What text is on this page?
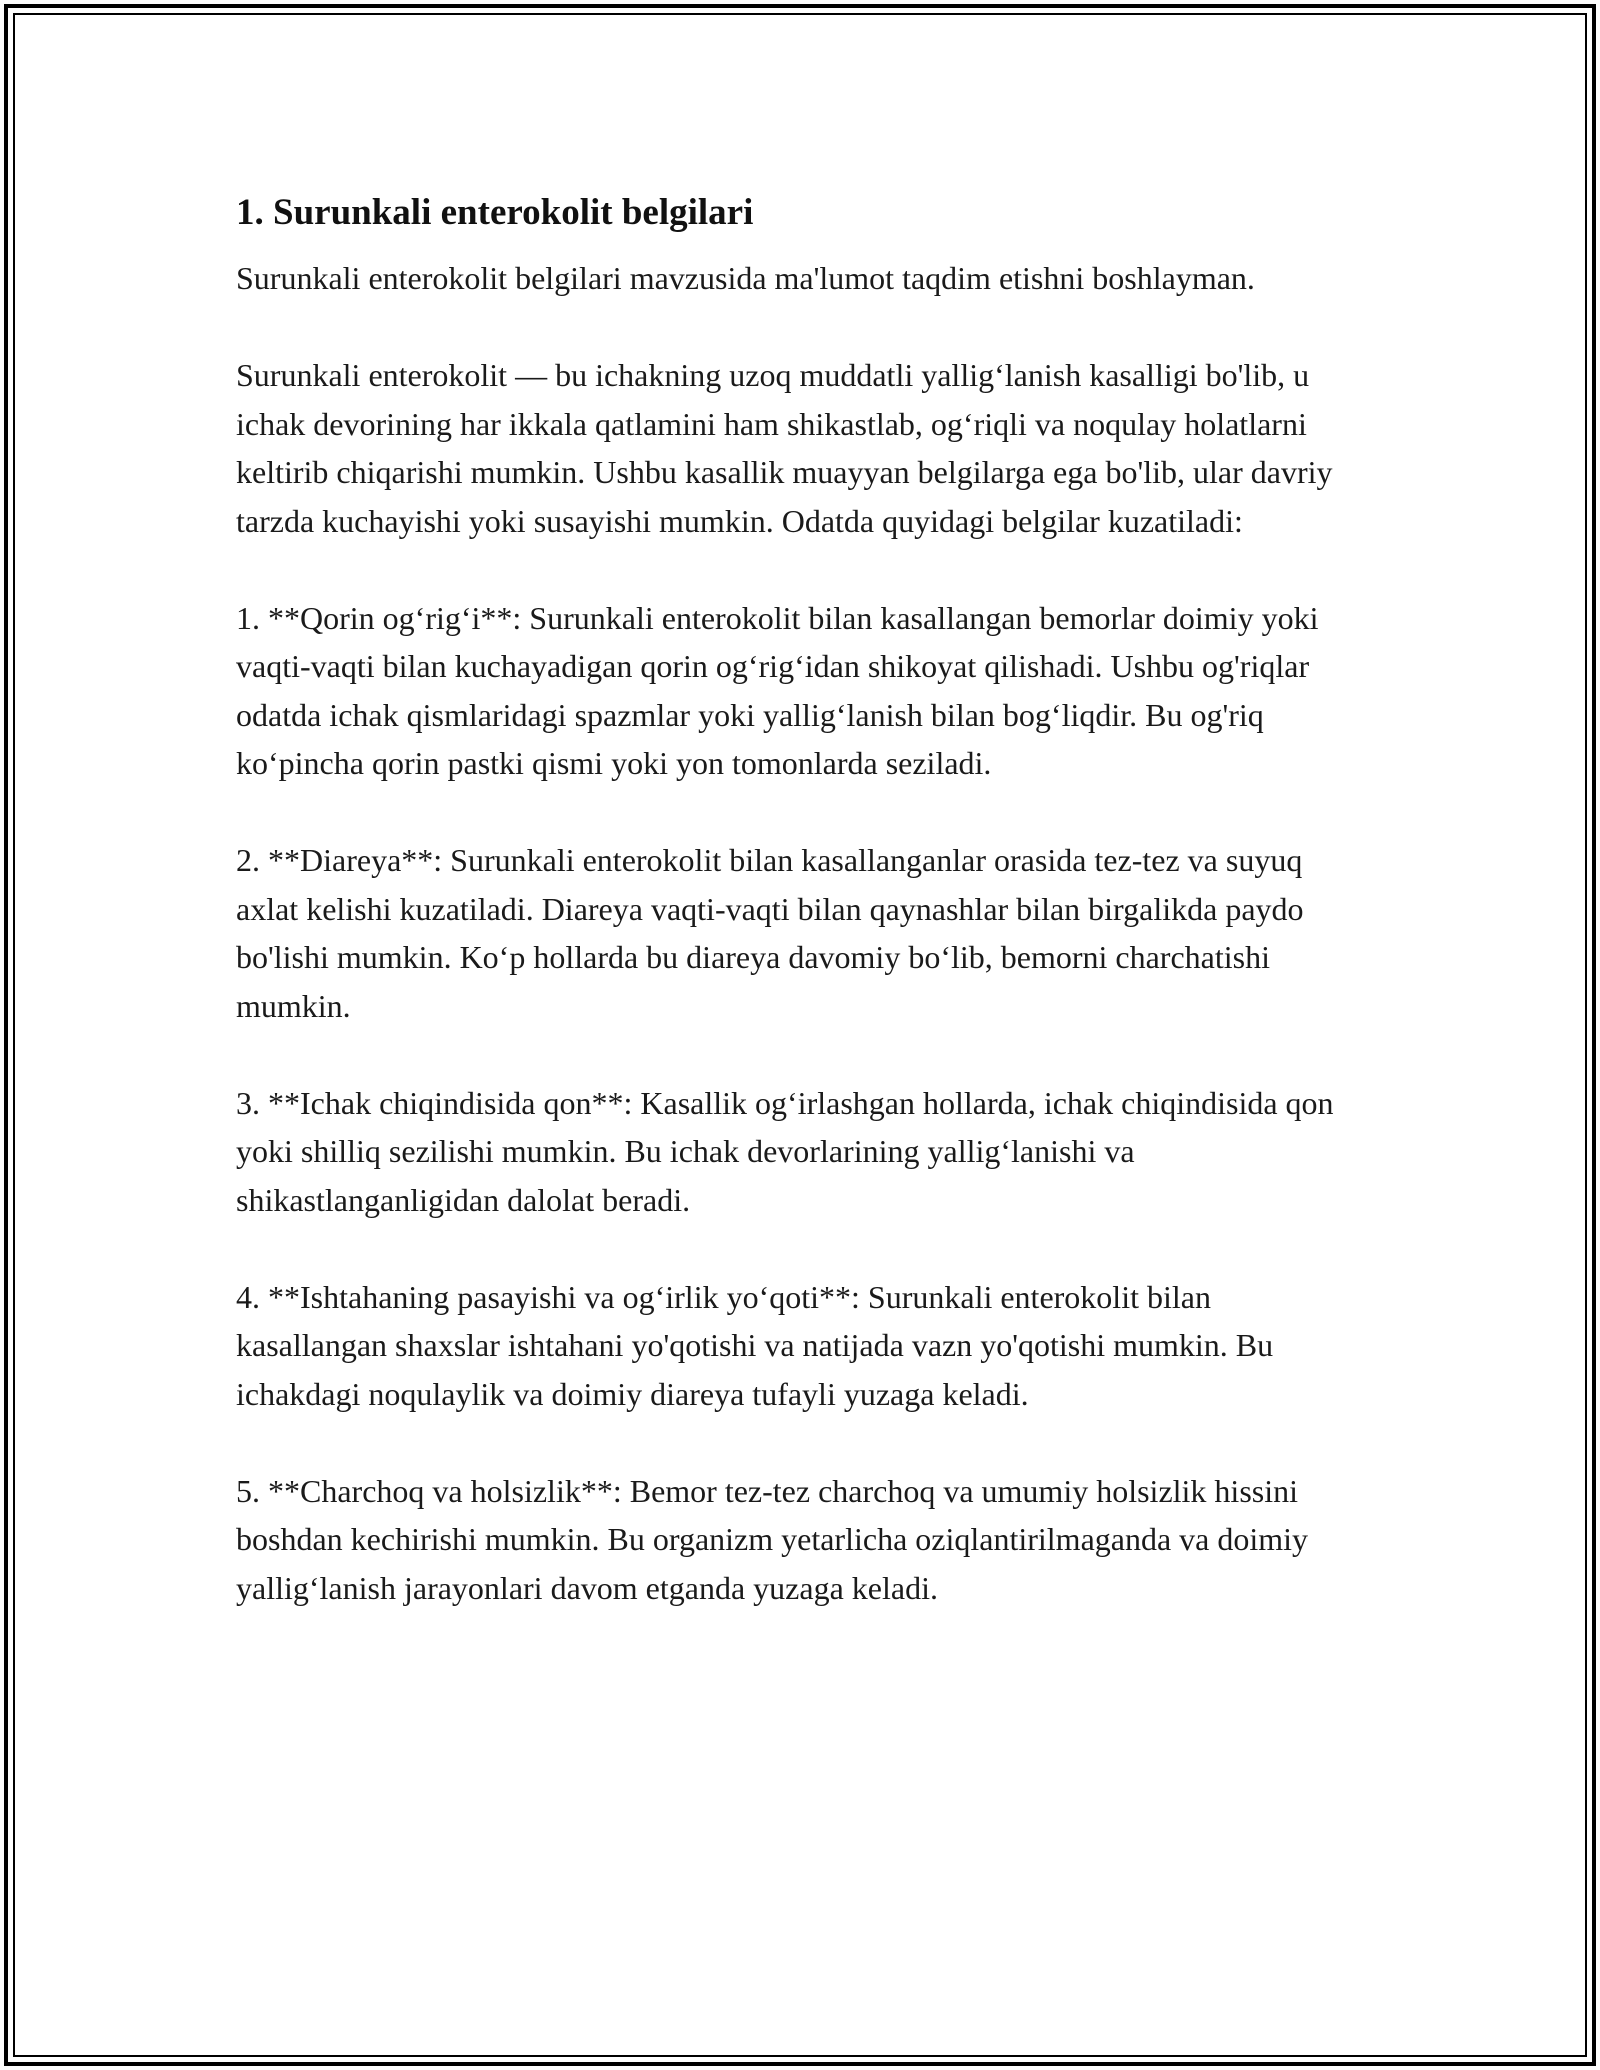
1. Surunkali enterokolit belgilari

Surunkali enterokolit belgilari mavzusida ma'lumot taqdim etishni boshlayman.

Surunkali enterokolit — bu ichakning uzoq muddatli yallig‘lanish kasalligi bo'lib, u ichak devorining har ikkala qatlamini ham shikastlab, og‘riqli va noqulay holatlarni keltirib chiqarishi mumkin. Ushbu kasallik muayyan belgilarga ega bo'lib, ular davriy tarzda kuchayishi yoki susayishi mumkin. Odatda quyidagi belgilar kuzatiladi:

1. **Qorin og‘rig‘i**: Surunkali enterokolit bilan kasallangan bemorlar doimiy yoki vaqti-vaqti bilan kuchayadigan qorin og‘rig‘idan shikoyat qilishadi. Ushbu og'riqlar odatda ichak qismlaridagi spazmlar yoki yallig‘lanish bilan bog‘liqdir. Bu og'riq ko‘pincha qorin pastki qismi yoki yon tomonlarda seziladi.

2. **Diareya**: Surunkali enterokolit bilan kasallanganlar orasida tez-tez va suyuq axlat kelishi kuzatiladi. Diareya vaqti-vaqti bilan qaynashlar bilan birgalikda paydo bo'lishi mumkin. Ko‘p hollarda bu diareya davomiy bo‘lib, bemorni charchatishi mumkin.

3. **Ichak chiqindisida qon**: Kasallik og‘irlashgan hollarda, ichak chiqindisida qon yoki shilliq sezilishi mumkin. Bu ichak devorlarining yallig‘lanishi va shikastlanganligidan dalolat beradi.

4. **Ishtahaning pasayishi va og‘irlik yo‘qoti**: Surunkali enterokolit bilan kasallangan shaxslar ishtahani yo'qotishi va natijada vazn yo'qotishi mumkin. Bu ichakdagi noqulaylik va doimiy diareya tufayli yuzaga keladi.

5. **Charchoq va holsizlik**: Bemor tez-tez charchoq va umumiy holsizlik hissini boshdan kechirishi mumkin. Bu organizm yetarlicha oziqlantirilmaganda va doimiy yallig‘lanish jarayonlari davom etganda yuzaga keladi.
